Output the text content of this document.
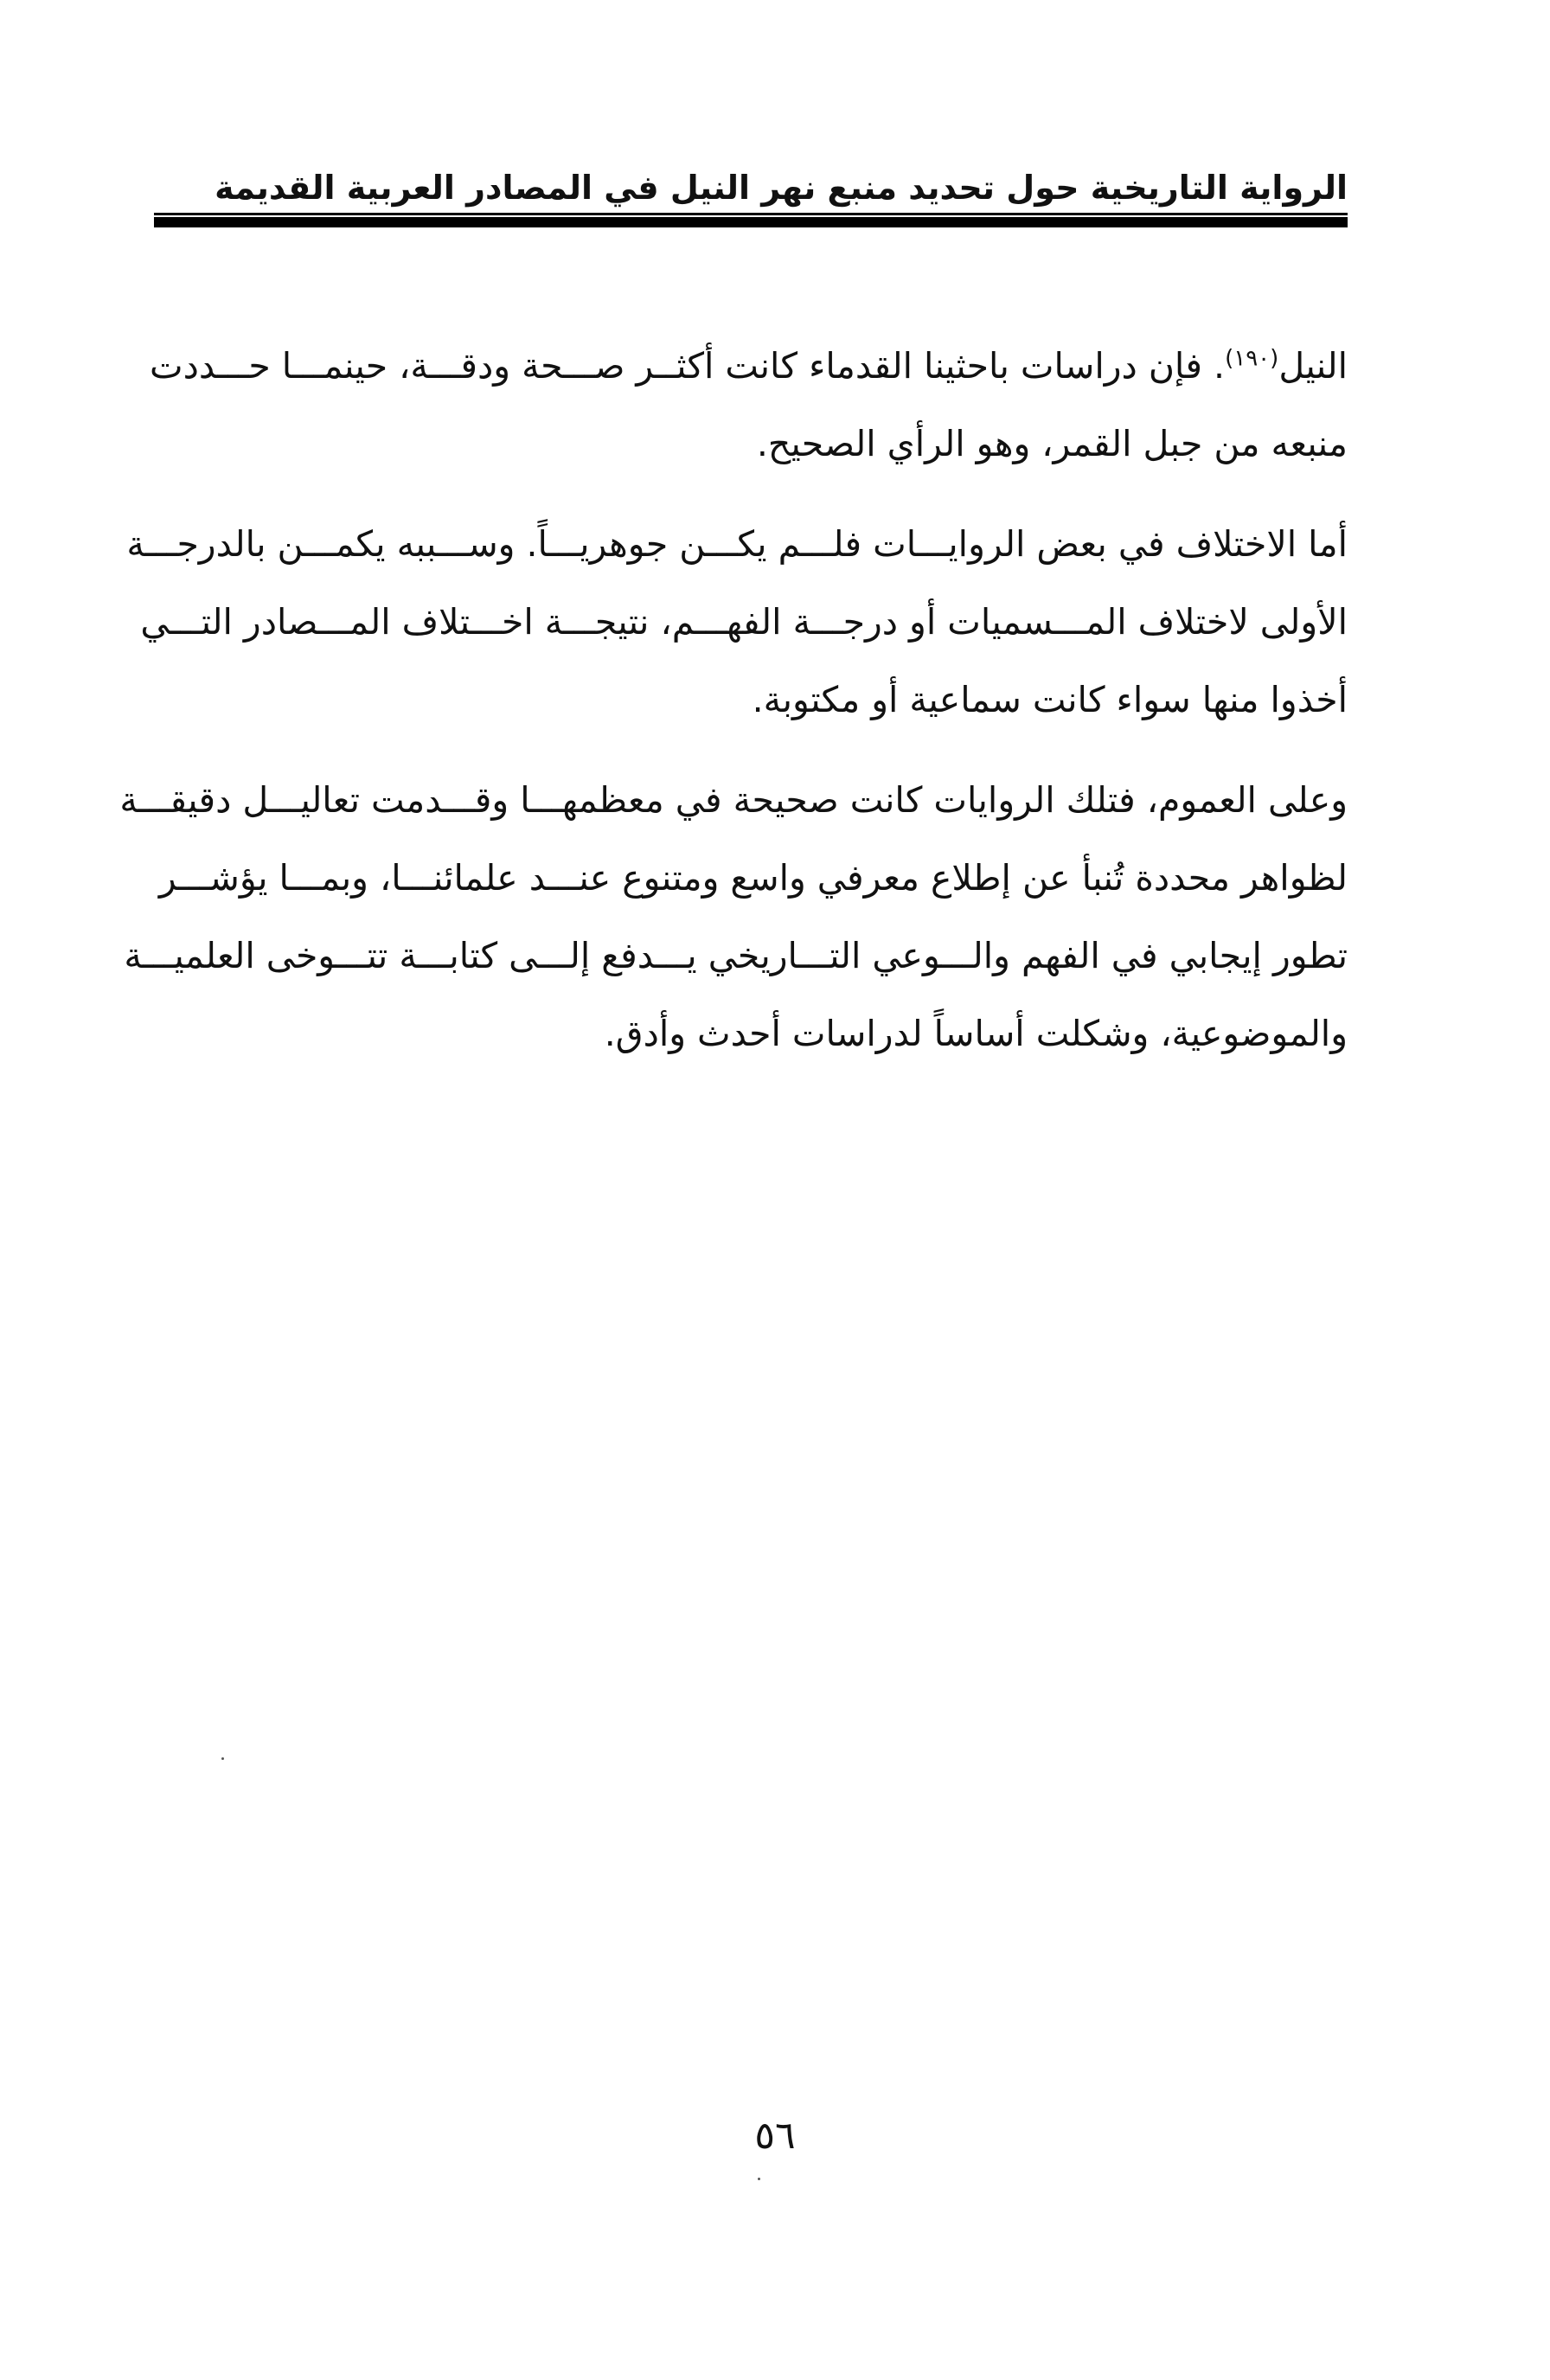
الرواية التاريخية حول تحديد منبع نهر النيل في المصادر العربية القديمة

النيل$^{(١٩٠)}$. فإن دراسات باحثينا القدماء كانت أكثــر صـــحة ودقـــة، حينمـــا حـــددت
منبعه من جبل القمر، وهو الرأي الصحيح.

أما الاختلاف في بعض الروايـــات فلـــم يكـــن جوهريـــاً. وســـببه يكمـــن بالدرجـــة
الأولى لاختلاف المـــسميات أو درجـــة الفهـــم، نتيجـــة اخـــتلاف المـــصادر التـــي
أخذوا منها سواء كانت سماعية أو مكتوبة.

وعلى العموم، فتلك الروايات كانت صحيحة في معظمهـــا وقـــدمت تعاليـــل دقيقـــة
لظواهر محددة تُنبأ عن إطلاع معرفي واسع ومتنوع عنـــد علمائنـــا، وبمـــا يؤشـــر
تطور إيجابي في الفهم والـــوعي التـــاريخي يـــدفع إلـــى كتابـــة تتـــوخى العلميـــة
والموضوعية، وشكلت أساساً لدراسات أحدث وأدق.

٥٦
